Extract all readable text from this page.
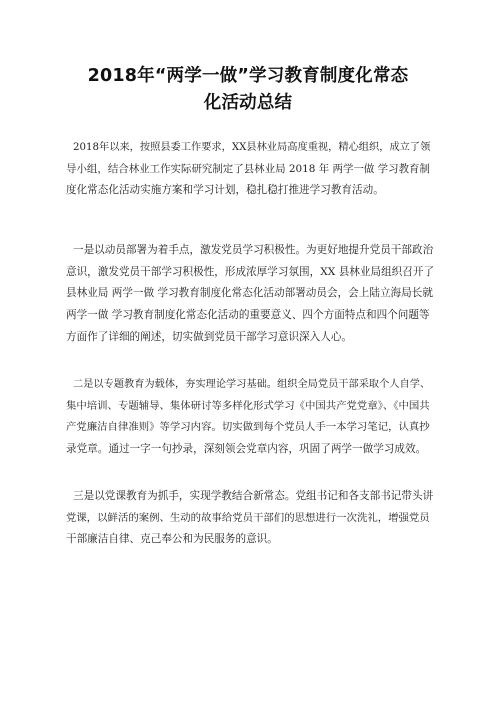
2018年“两学一做”学习教育制度化常态
化活动总结
2018年以来，按照县委工作要求，XX县林业局高度重视，精心组织，成立了领
导小组，结合林业工作实际研究制定了县林业局 2018 年 两学一做 学习教育制
度化常态化活动实施方案和学习计划，稳扎稳打推进学习教育活动。
一是以动员部署为着手点，激发党员学习积极性。为更好地提升党员干部政治
意识，激发党员干部学习积极性，形成浓厚学习氛围，XX 县林业局组织召开了
县林业局 两学一做 学习教育制度化常态化活动部署动员会，会上陆立海局长就
两学一做 学习教育制度化常态化活动的重要意义、四个方面特点和四个问题等
方面作了详细的阐述，切实做到党员干部学习意识深入人心。
二是以专题教育为载体，夯实理论学习基础。组织全局党员干部采取个人自学、
集中培训、专题辅导、集体研讨等多样化形式学习《中国共产党党章》、《中国共
产党廉洁自律准则》等学习内容。切实做到每个党员人手一本学习笔记，认真抄
录党章。通过一字一句抄录，深刻领会党章内容，巩固了两学一做学习成效。
三是以党课教育为抓手，实现学教结合新常态。党组书记和各支部书记带头讲
党课，以鲜活的案例、生动的故事给党员干部们的思想进行一次洗礼，增强党员
干部廉洁自律、克己奉公和为民服务的意识。
